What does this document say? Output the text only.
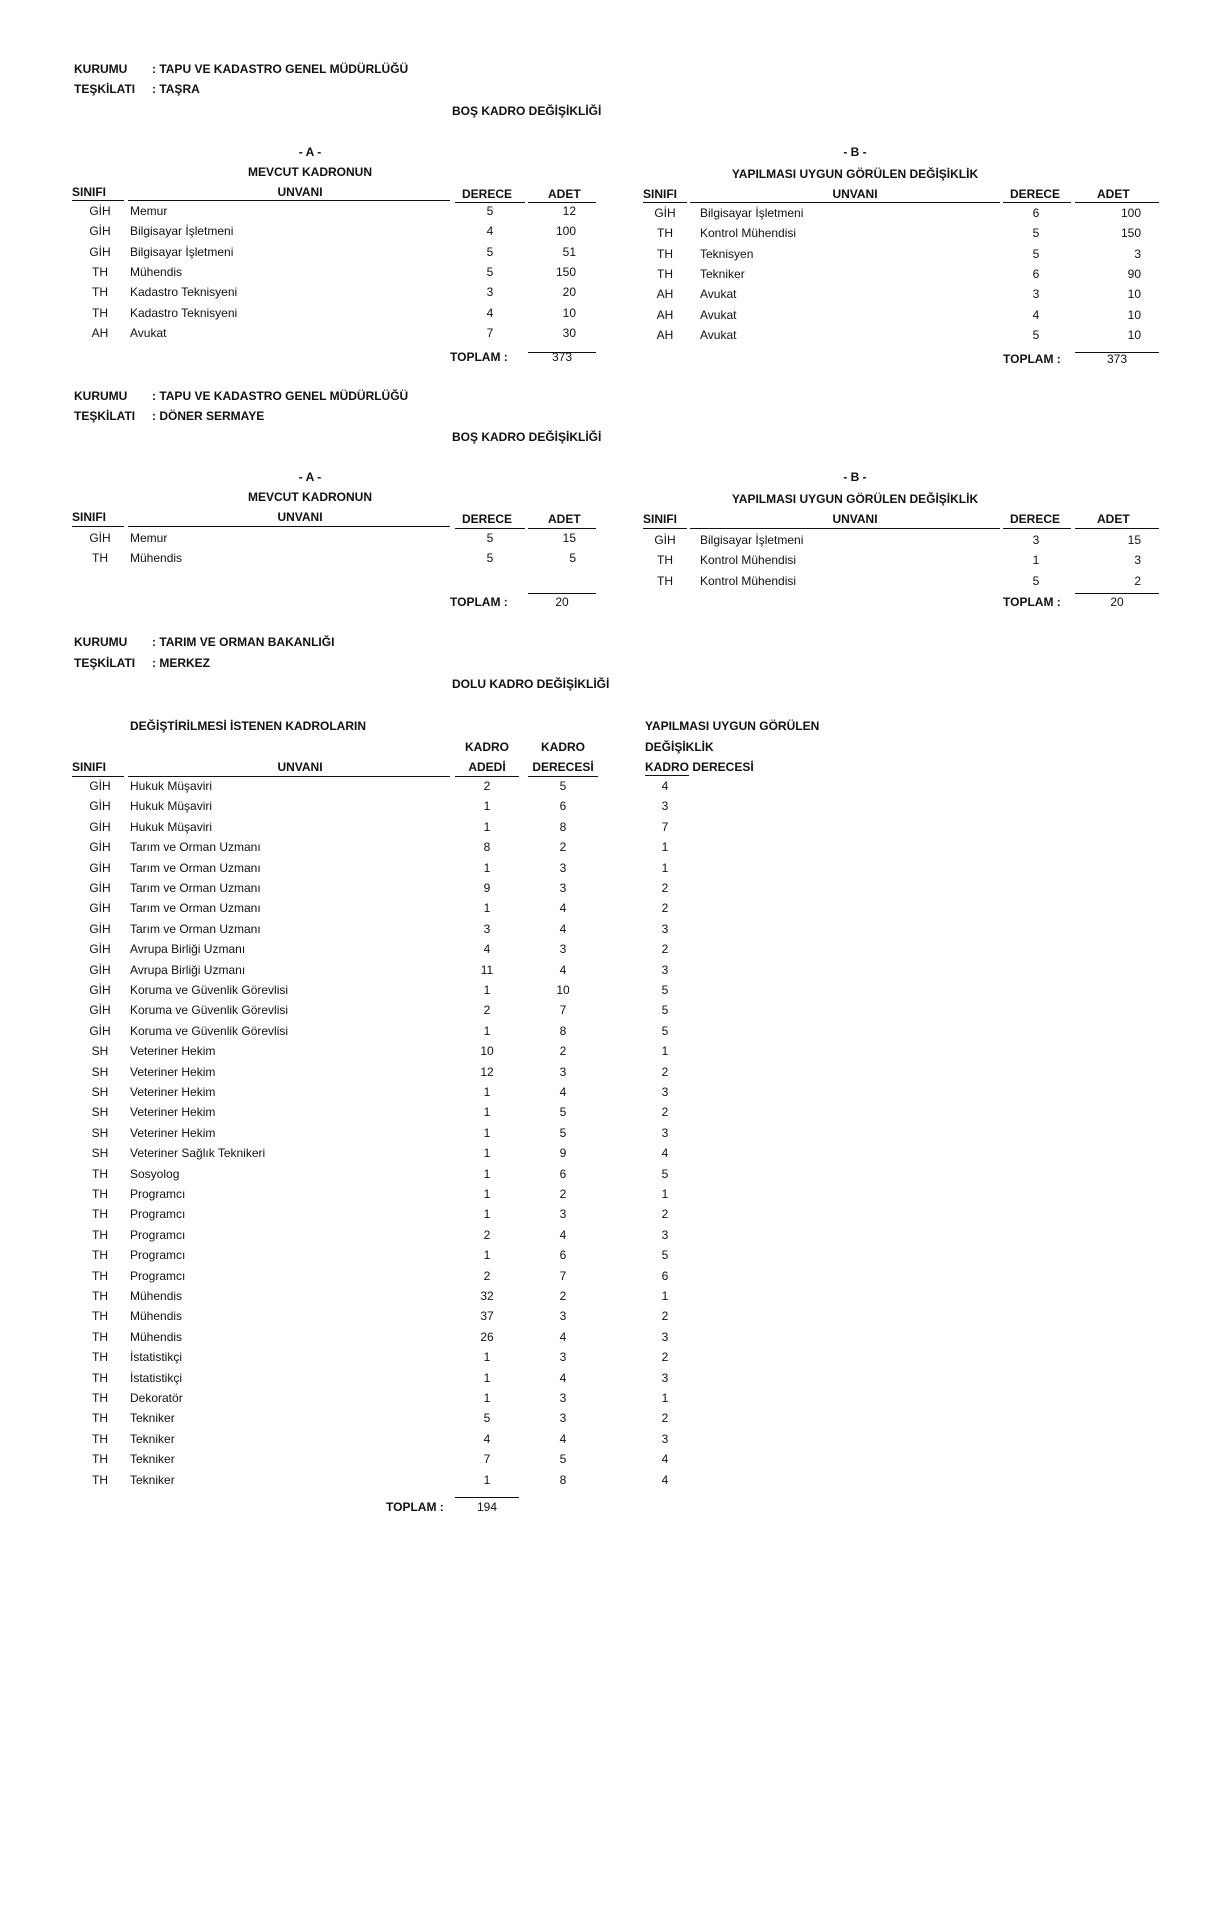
KURUMU : TAPU VE KADASTRO GENEL MÜDÜRLÜĞÜ
TEŞKİLATI : TAŞRA
BOŞ KADRO DEĞİŞİKLİĞİ
- A -
MEVCUT KADRONUN
SINIFI	UNVANI	DERECE	ADET
GİH	Memur	5	12
GİH	Bilgisayar İşletmeni	4	100
GİH	Bilgisayar İşletmeni	5	51
TH	Mühendis	5	150
TH	Kadastro Teknisyeni	3	20
TH	Kadastro Teknisyeni	4	10
AH	Avukat	7	30
- B -
YAPILMASI UYGUN GÖRÜLEN DEĞİŞİKLİK
SINIFI	UNVANI	DERECE	ADET
GİH	Bilgisayar İşletmeni	6	100
TH	Kontrol Mühendisi	5	150
TH	Teknisyen	5	3
TH	Tekniker	6	90
AH	Avukat	3	10
AH	Avukat	4	10
AH	Avukat	5	10
TOPLAM :	373	TOPLAM :	373
KURUMU : TAPU VE KADASTRO GENEL MÜDÜRLÜĞÜ
TEŞKİLATI : DÖNER SERMAYE
BOŞ KADRO DEĞİŞİKLİĞİ
- A -
MEVCUT KADRONUN
SINIFI	UNVANI	DERECE	ADET
GİH	Memur	5	15
TH	Mühendis	5	5
- B -
YAPILMASI UYGUN GÖRÜLEN DEĞİŞİKLİK
SINIFI	UNVANI	DERECE	ADET
GİH	Bilgisayar İşletmeni	3	15
TH	Kontrol Mühendisi	1	3
TH	Kontrol Mühendisi	5	2
TOPLAM :	20	TOPLAM :	20
KURUMU : TARIM VE ORMAN BAKANLIĞI
TEŞKİLATI : MERKEZ
DOLU KADRO DEĞİŞİKLİĞİ
DEĞİŞTİRİLMESİ İSTENEN KADROLARIN	YAPILMASI UYGUN GÖRÜLEN
DEĞİŞİKLİK
KADRO DERECESİ
KADRO
ADEDİ
KADRO
DERECESİ
SINIFI	UNVANI
GİH	Hukuk Müşaviri	2	5	4
GİH	Hukuk Müşaviri	1	6	3
GİH	Hukuk Müşaviri	1	8	7
GİH	Tarım ve Orman Uzmanı	8	2	1
GİH	Tarım ve Orman Uzmanı	1	3	1
GİH	Tarım ve Orman Uzmanı	9	3	2
GİH	Tarım ve Orman Uzmanı	1	4	2
GİH	Tarım ve Orman Uzmanı	3	4	3
GİH	Avrupa Birliği Uzmanı	4	3	2
GİH	Avrupa Birliği Uzmanı	11	4	3
GİH	Koruma ve Güvenlik Görevlisi	1	10	5
GİH	Koruma ve Güvenlik Görevlisi	2	7	5
GİH	Koruma ve Güvenlik Görevlisi	1	8	5
SH	Veteriner Hekim	10	2	1
SH	Veteriner Hekim	12	3	2
SH	Veteriner Hekim	1	4	3
SH	Veteriner Hekim	1	5	2
SH	Veteriner Hekim	1	5	3
SH	Veteriner Sağlık Teknikeri	1	9	4
TH	Sosyolog	1	6	5
TH	Programcı	1	2	1
TH	Programcı	1	3	2
TH	Programcı	2	4	3
TH	Programcı	1	6	5
TH	Programcı	2	7	6
TH	Mühendis	32	2	1
TH	Mühendis	37	3	2
TH	Mühendis	26	4	3
TH	İstatistikçi	1	3	2
TH	İstatistikçi	1	4	3
TH	Dekoratör	1	3	1
TH	Tekniker	5	3	2
TH	Tekniker	4	4	3
TH	Tekniker	7	5	4
TH	Tekniker	1	8	4
TOPLAM :	194
